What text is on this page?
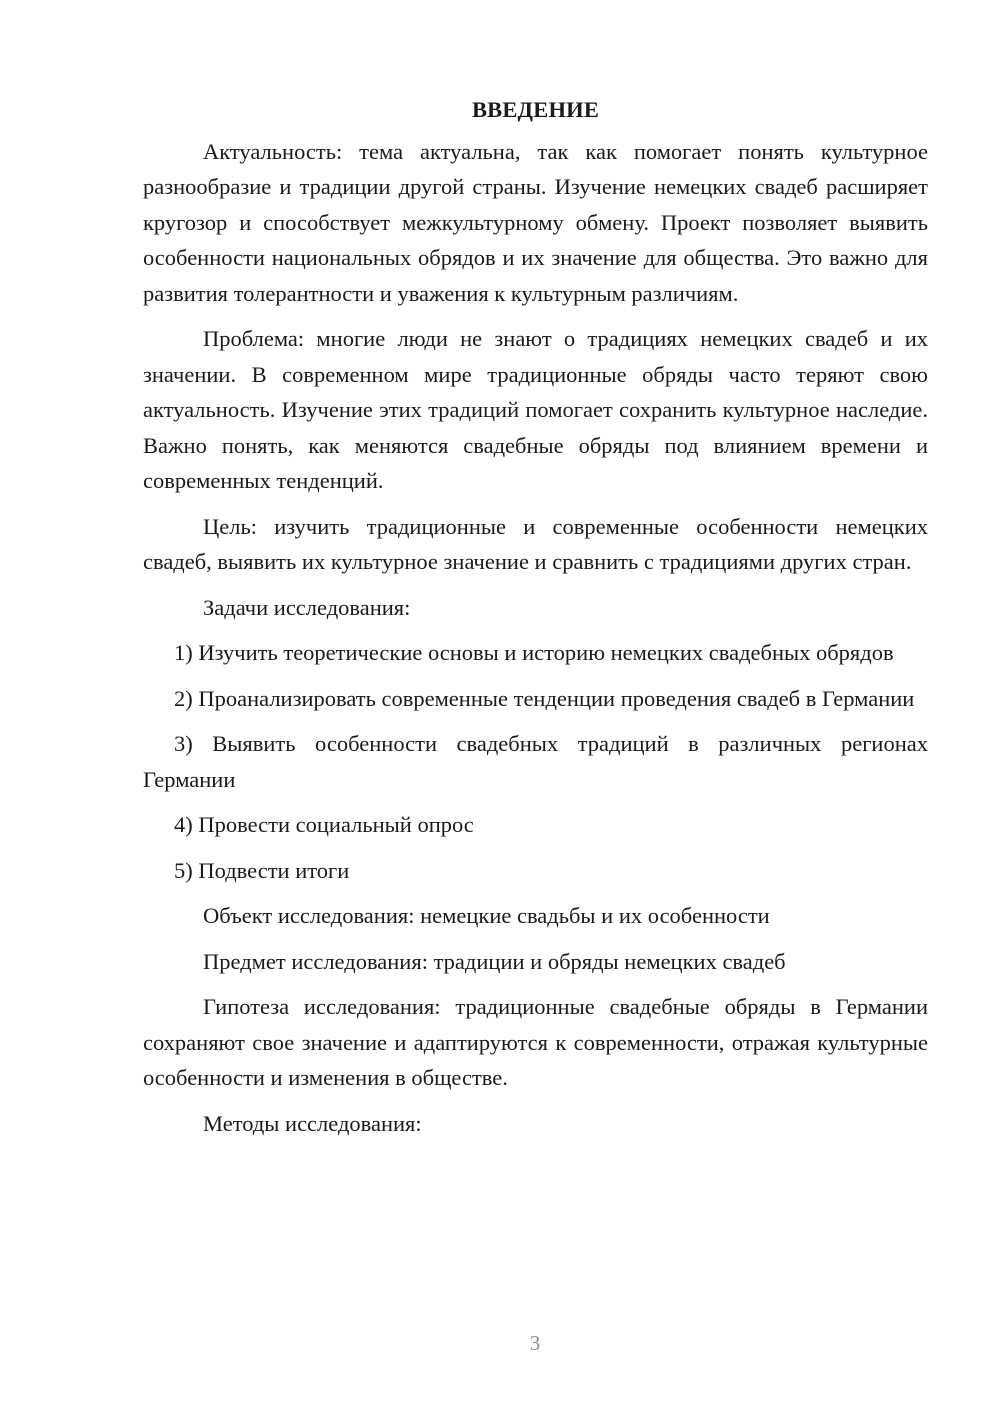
ВВЕДЕНИЕ

Актуальность: тема актуальна, так как помогает понять культурное разнообразие и традиции другой страны. Изучение немецких свадеб расширяет кругозор и способствует межкультурному обмену. Проект позволяет выявить особенности национальных обрядов и их значение для общества. Это важно для развития толерантности и уважения к культурным различиям.

Проблема: многие люди не знают о традициях немецких свадеб и их значении. В современном мире традиционные обряды часто теряют свою актуальность. Изучение этих традиций помогает сохранить культурное наследие. Важно понять, как меняются свадебные обряды под влиянием времени и современных тенденций.

Цель: изучить традиционные и современные особенности немецких свадеб, выявить их культурное значение и сравнить с традициями других стран.

Задачи исследования:

1) Изучить теоретические основы и историю немецких свадебных обрядов

2) Проанализировать современные тенденции проведения свадеб в Германии

3) Выявить особенности свадебных традиций в различных регионах Германии

4) Провести социальный опрос

5) Подвести итоги

Объект исследования: немецкие свадьбы и их особенности

Предмет исследования: традиции и обряды немецких свадеб

Гипотеза исследования: традиционные свадебные обряды в Германии сохраняют свое значение и адаптируются к современности, отражая культурные особенности и изменения в обществе.

Методы исследования:

3
